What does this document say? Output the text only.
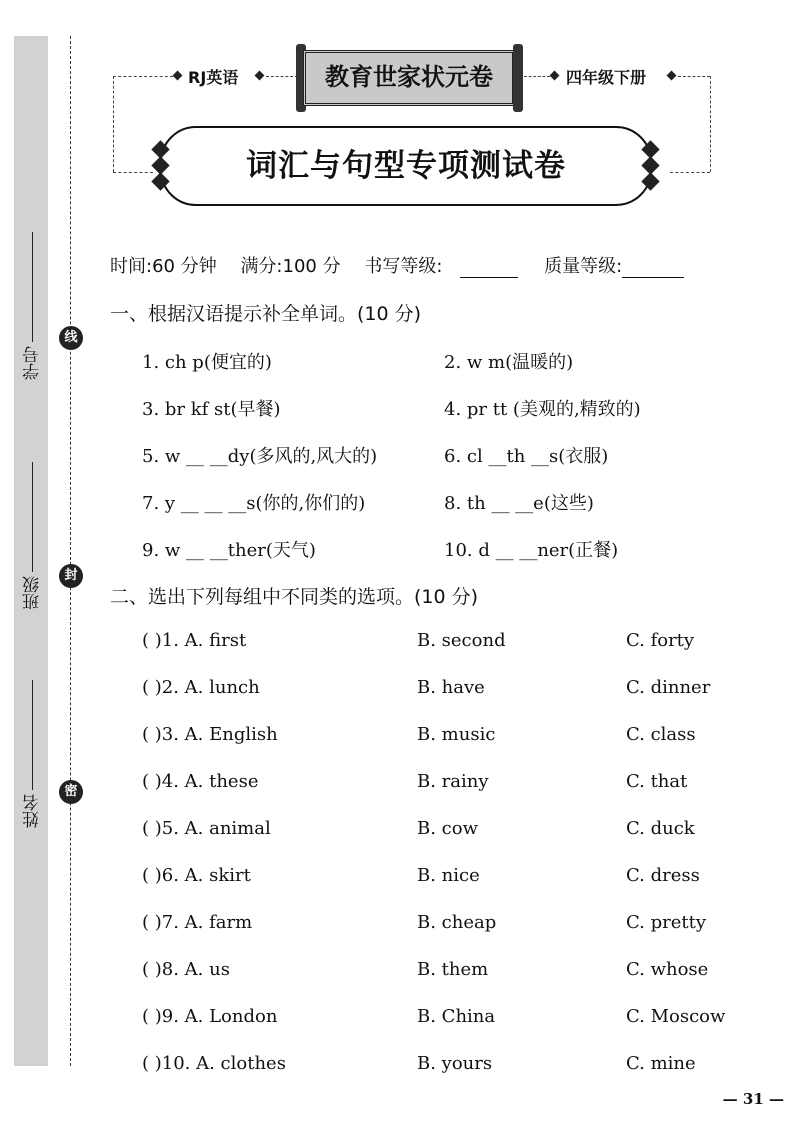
线
封
密
学号
班级
姓名
RJ英语	教育世家状元卷	四年级下册
词汇与句型专项测试卷
时间:60 分钟 满分:100 分 书写等级:	质量等级:
一、根据汉语提示补全单词。(10 分)
1. ch p(便宜的)	2. w m(温暖的)
3. br kf st(早餐)	4. pr tt (美观的,精致的)
5. w __ __dy(多风的,风大的)	6. cl __th __s(衣服)
7. y __ __ __s(你的,你们的)	8. th __ __e(这些)
9. w __ __ther(天气)	10. d __ __ner(正餐)
二、选出下列每组中不同类的选项。(10 分)
( )1. A. first	B. second	C. forty
( )2. A. lunch	B. have	C. dinner
( )3. A. English	B. music	C. class
( )4. A. these	B. rainy	C. that
( )5. A. animal	B. cow	C. duck
( )6. A. skirt	B. nice	C. dress
( )7. A. farm	B. cheap	C. pretty
( )8. A. us	B. them	C. whose
( )9. A. London	B. China	C. Moscow
( )10. A. clothes	B. yours	C. mine
— 31 —
